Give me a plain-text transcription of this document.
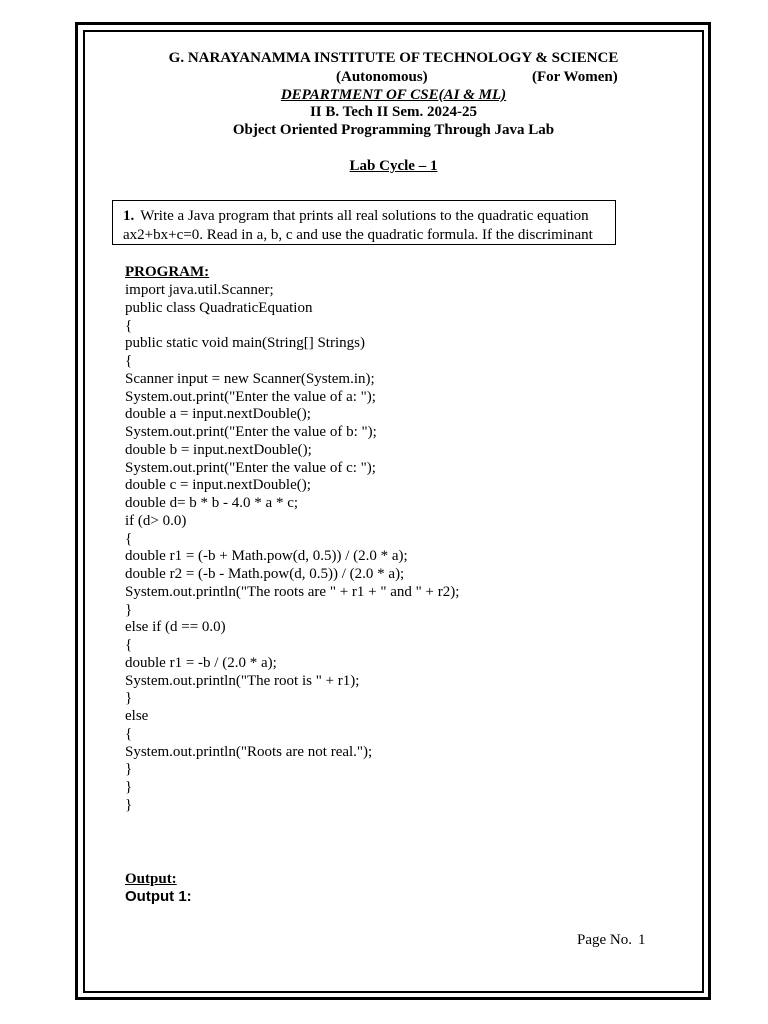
G. NARAYANAMMA INSTITUTE OF TECHNOLOGY & SCIENCE
(Autonomous)	(For Women)
DEPARTMENT OF CSE(AI & ML)
II B. Tech II Sem. 2024-25
Object Oriented Programming Through Java Lab
Lab Cycle – 1
1. Write a Java program that prints all real solutions to the quadratic equation ax2+bx+c=0. Read in a, b, c and use the quadratic formula. If the discriminant
PROGRAM:
import java.util.Scanner;
public class QuadraticEquation
{
public static void main(String[] Strings)
{
Scanner input = new Scanner(System.in);
System.out.print("Enter the value of a: ");
double a = input.nextDouble();
System.out.print("Enter the value of b: ");
double b = input.nextDouble();
System.out.print("Enter the value of c: ");
double c = input.nextDouble();
double d= b * b - 4.0 * a * c;
if (d> 0.0)
{
double r1 = (-b + Math.pow(d, 0.5)) / (2.0 * a);
double r2 = (-b - Math.pow(d, 0.5)) / (2.0 * a);
System.out.println("The roots are " + r1 + " and " + r2);
}
else if (d == 0.0)
{
double r1 = -b / (2.0 * a);
System.out.println("The root is " + r1);
}
else
{
System.out.println("Roots are not real.");
}
}
}
Output:
Output 1:
Page No. 1
